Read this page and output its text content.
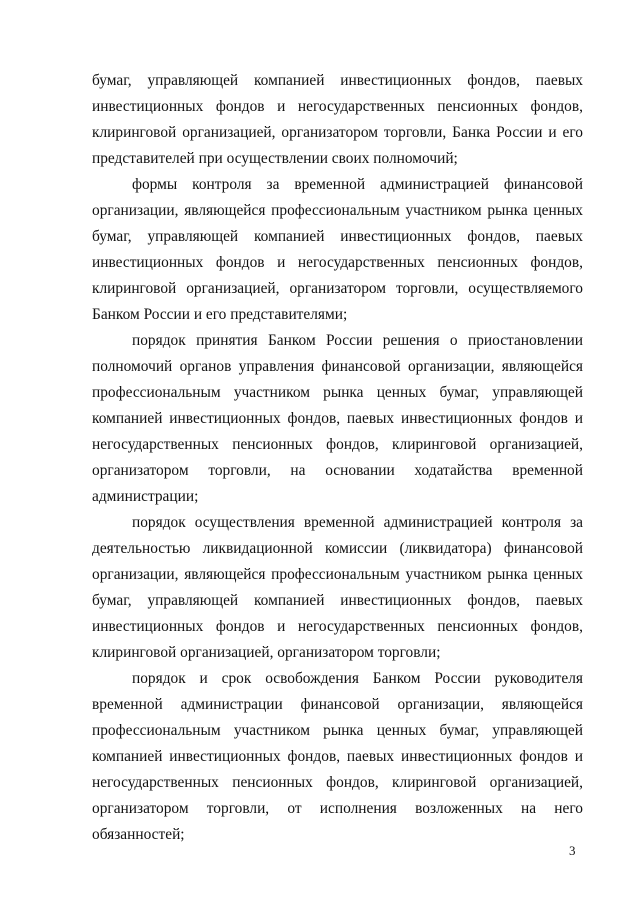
бумаг, управляющей компанией инвестиционных фондов, паевых инвестиционных фондов и негосударственных пенсионных фондов, клиринговой организацией, организатором торговли, Банка России и его представителей при осуществлении своих полномочий;

формы контроля за временной администрацией финансовой организации, являющейся профессиональным участником рынка ценных бумаг, управляющей компанией инвестиционных фондов, паевых инвестиционных фондов и негосударственных пенсионных фондов, клиринговой организацией, организатором торговли, осуществляемого Банком России и его представителями;

порядок принятия Банком России решения о приостановлении полномочий органов управления финансовой организации, являющейся профессиональным участником рынка ценных бумаг, управляющей компанией инвестиционных фондов, паевых инвестиционных фондов и негосударственных пенсионных фондов, клиринговой организацией, организатором торговли, на основании ходатайства временной администрации;

порядок осуществления временной администрацией контроля за деятельностью ликвидационной комиссии (ликвидатора) финансовой организации, являющейся профессиональным участником рынка ценных бумаг, управляющей компанией инвестиционных фондов, паевых инвестиционных фондов и негосударственных пенсионных фондов, клиринговой организацией, организатором торговли;

порядок и срок освобождения Банком России руководителя временной администрации финансовой организации, являющейся профессиональным участником рынка ценных бумаг, управляющей компанией инвестиционных фондов, паевых инвестиционных фондов и негосударственных пенсионных фондов, клиринговой организацией, организатором торговли, от исполнения возложенных на него обязанностей;

3
